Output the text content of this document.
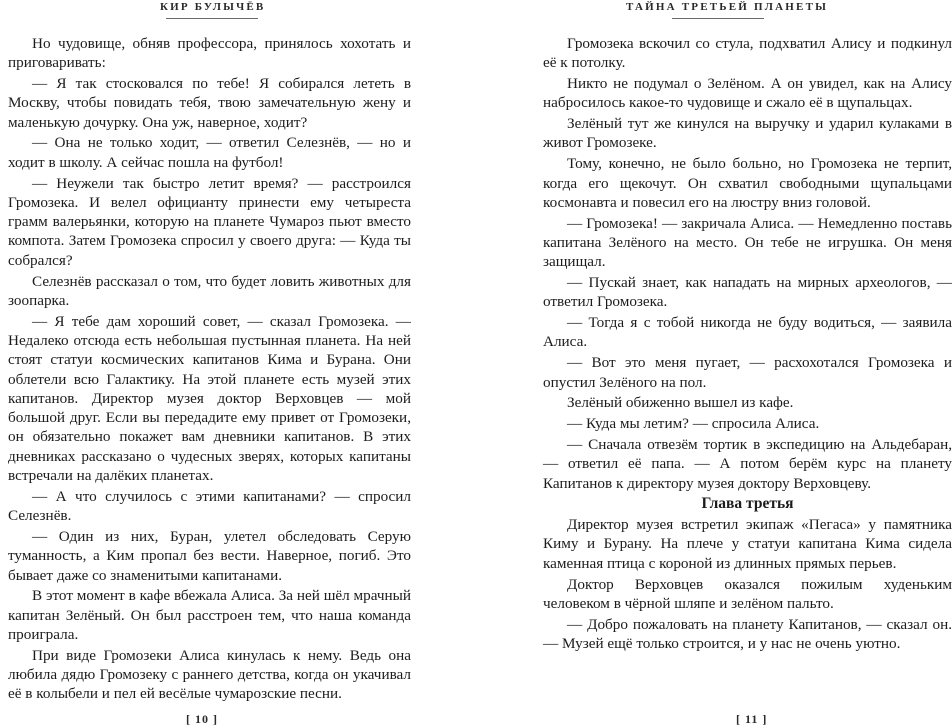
КИР БУЛЫЧЁВ

Но чудовище, обняв профессора, принялось хохотать и приговаривать:

— Я так стосковался по тебе! Я собирался лететь в Москву, чтобы повидать тебя, твою замечательную жену и маленькую дочурку. Она уж, наверное, ходит?

— Она не только ходит, — ответил Селезнёв, — но и ходит в школу. А сейчас пошла на футбол!

— Неужели так быстро летит время? — расстроился Громозека. И велел официанту принести ему четыреста грамм валерьянки, которую на планете Чумароз пьют вместо компота. Затем Громозека спросил у своего друга: — Куда ты собрался?

Селезнёв рассказал о том, что будет ловить животных для зоопарка.

— Я тебе дам хороший совет, — сказал Громозека. — Недалеко отсюда есть небольшая пустынная планета. На ней стоят статуи космических капитанов Кима и Бурана. Они облетели всю Галактику. На этой планете есть музей этих капитанов. Директор музея доктор Верховцев — мой большой друг. Если вы передадите ему привет от Громозеки, он обязательно покажет вам дневники капитанов. В этих дневниках рассказано о чудесных зверях, которых капитаны встречали на далёких планетах.

— А что случилось с этими капитанами? — спросил Селезнёв.

— Один из них, Буран, улетел обследовать Серую туманность, а Ким пропал без вести. Наверное, погиб. Это бывает даже со знаменитыми капитанами.

В этот момент в кафе вбежала Алиса. За ней шёл мрачный капитан Зелёный. Он был расстроен тем, что наша команда проиграла.

При виде Громозеки Алиса кинулась к нему. Ведь она любила дядю Громозеку с раннего детства, когда он укачивал её в колыбели и пел ей весёлые чумарозские песни.

[ 10 ]
ТАЙНА ТРЕТЬЕЙ ПЛАНЕТЫ

Громозека вскочил со стула, подхватил Алису и подкинул её к потолку.

Никто не подумал о Зелёном. А он увидел, как на Алису набросилось какое-то чудовище и сжало её в щупальцах.

Зелёный тут же кинулся на выручку и ударил кулаками в живот Громозеке.

Тому, конечно, не было больно, но Громозека не терпит, когда его щекочут. Он схватил свободными щупальцами космонавта и повесил его на люстру вниз головой.

— Громозека! — закричала Алиса. — Немедленно поставь капитана Зелёного на место. Он тебе не игрушка. Он меня защищал.

— Пускай знает, как нападать на мирных археологов, — ответил Громозека.

— Тогда я с тобой никогда не буду водиться, — заявила Алиса.

— Вот это меня пугает, — расхохотался Громозека и опустил Зелёного на пол.

Зелёный обиженно вышел из кафе.

— Куда мы летим? — спросила Алиса.

— Сначала отвезём тортик в экспедицию на Альдебаран, — ответил её папа. — А потом берём курс на планету Капитанов к директору музея доктору Верховцеву.

Глава третья

Директор музея встретил экипаж «Пегаса» у памятника Киму и Бурану. На плече у статуи капитана Кима сидела каменная птица с короной из длинных прямых перьев.

Доктор Верховцев оказался пожилым худеньким человеком в чёрной шляпе и зелёном пальто.

— Добро пожаловать на планету Капитанов, — сказал он. — Музей ещё только строится, и у нас не очень уютно.

[ 11 ]
